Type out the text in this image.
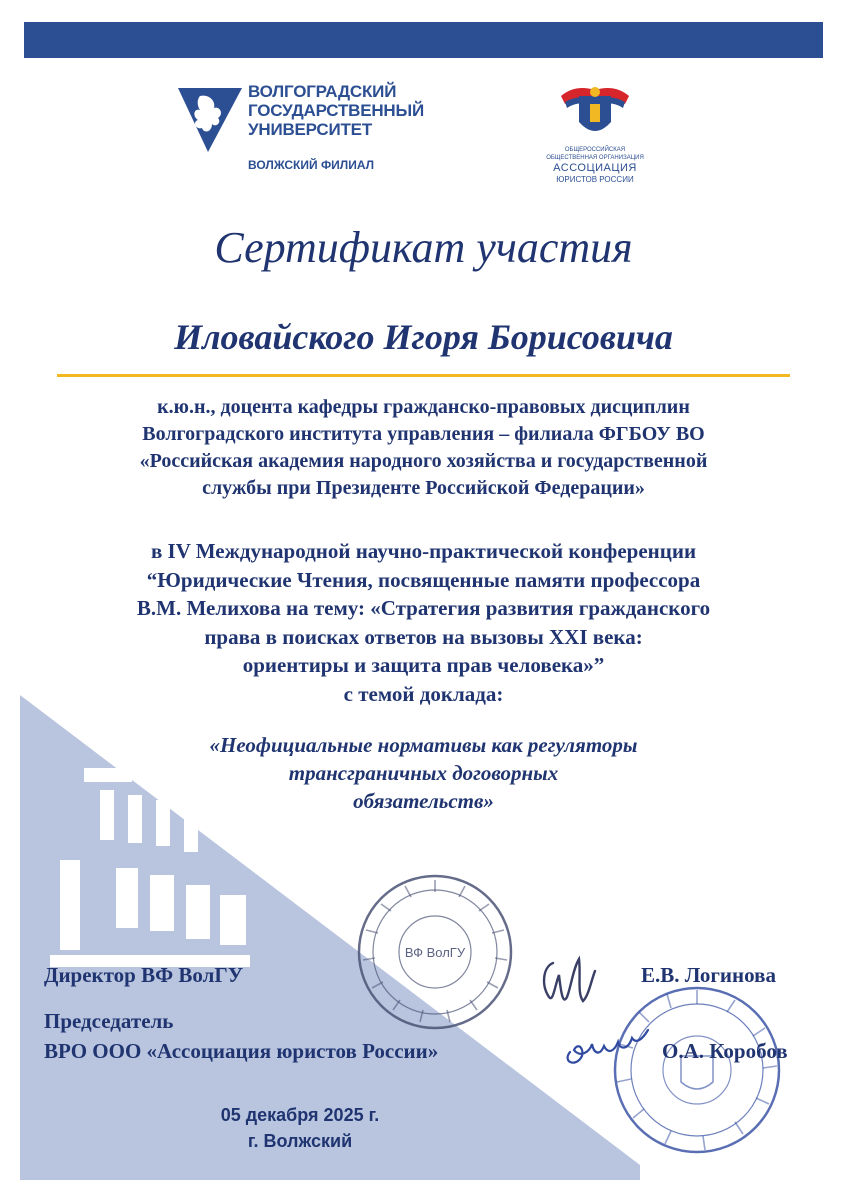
ВОЛГОГРАДСКИЙ
ГОСУДАРСТВЕННЫЙ
УНИВЕРСИТЕТ
ВОЛЖСКИЙ ФИЛИАЛ
ОБЩЕРОССИЙСКАЯ
ОБЩЕСТВЕННАЯ ОРГАНИЗАЦИЯ
АССОЦИАЦИЯ
ЮРИСТОВ РОССИИ
Сертификат участия
Иловайского Игоря Борисовича
к.ю.н., доцента кафедры гражданско-правовых дисциплин
Волгоградского института управления – филиала ФГБОУ ВО
«Российская академия народного хозяйства и государственной
службы при Президенте Российской Федерации»
в IV Международной научно-практической конференции
“Юридические Чтения, посвященные памяти профессора
В.М. Мелихова на тему: «Стратегия развития гражданского
права в поисках ответов на вызовы XXI века:
ориентиры и защита прав человека»”
с темой доклада:
«Неофициальные нормативы как регуляторы
трансграничных договорных
обязательств»
ВФ ВолГУ
Директор ВФ ВолГУ	Е.В. Логинова
Председатель
ВРО ООО «Ассоциация юристов России»	О.А. Коробов
05 декабря 2025 г.
г. Волжский
